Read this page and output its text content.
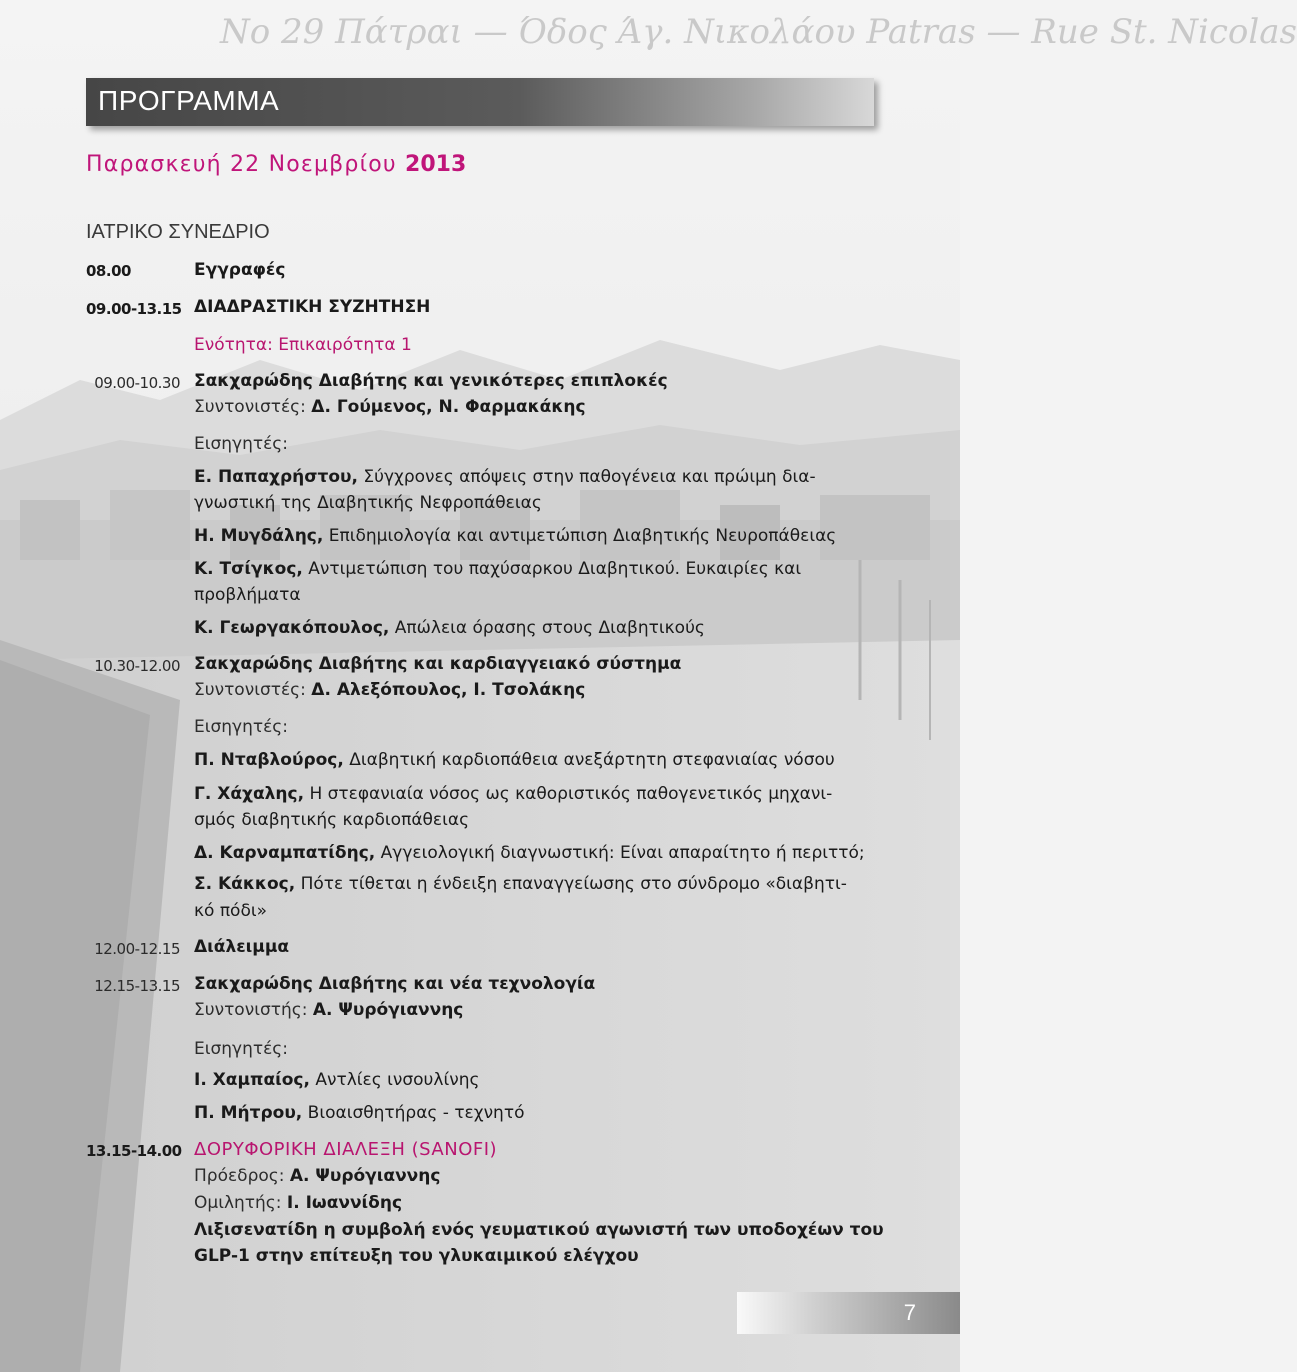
No 29 Πάτραι — Όδος Άγ. Νικολάου Patras — Rue St. Nicolas
ΠΡΟΓΡΑΜΜΑ
Παρασκευή 22 Νοεμβρίου 2013
ΙΑΤΡΙΚΟ ΣΥΝΕΔΡΙΟ
08.00	Εγγραφές
09.00-13.15 ΔΙΑΔΡΑΣΤΙΚΗ ΣΥΖΗΤΗΣΗ
Ενότητα: Επικαιρότητα 1
09.00-10.30 Σακχαρώδης Διαβήτης και γενικότερες επιπλοκές
Συντονιστές: Δ. Γούμενος, Ν. Φαρμακάκης
Εισηγητές:
Ε. Παπαχρήστου, Σύγχρονες απόψεις στην παθογένεια και πρώιμη δια-
γνωστική της Διαβητικής Νεφροπάθειας
Η. Μυγδάλης, Επιδημιολογία και αντιμετώπιση Διαβητικής Νευροπάθειας
Κ. Τσίγκος, Αντιμετώπιση του παχύσαρκου Διαβητικού. Ευκαιρίες και
προβλήματα
Κ. Γεωργακόπουλος, Απώλεια όρασης στους Διαβητικούς
10.30-12.00 Σακχαρώδης Διαβήτης και καρδιαγγειακό σύστημα
Συντονιστές: Δ. Αλεξόπουλος, Ι. Τσολάκης
Εισηγητές:
Π. Νταβλούρος, Διαβητική καρδιοπάθεια ανεξάρτητη στεφανιαίας νόσου
Γ. Χάχαλης, Η στεφανιαία νόσος ως καθοριστικός παθογενετικός μηχανι-
σμός διαβητικής καρδιοπάθειας
Δ. Καρναμπατίδης, Αγγειολογική διαγνωστική: Είναι απαραίτητο ή περιττό;
Σ. Κάκκος, Πότε τίθεται η ένδειξη επαναγγείωσης στο σύνδρομο «διαβητι-
κό πόδι»
12.00-12.15 Διάλειμμα
12.15-13.15 Σακχαρώδης Διαβήτης και νέα τεχνολογία
Συντονιστής: Α. Ψυρόγιαννης
Εισηγητές:
Ι. Χαμπαίος, Αντλίες ινσουλίνης
Π. Μήτρου, Βιοαισθητήρας - τεχνητό
13.15-14.00 ΔΟΡΥΦΟΡΙΚΗ ΔΙΑΛΕΞΗ (SANOFI)
Πρόεδρος: Α. Ψυρόγιαννης
Ομιλητής: Ι. Ιωαννίδης
Λιξισενατίδη η συμβολή ενός γευματικού αγωνιστή των υποδοχέων του
GLP-1 στην επίτευξη του γλυκαιμικού ελέγχου
7
